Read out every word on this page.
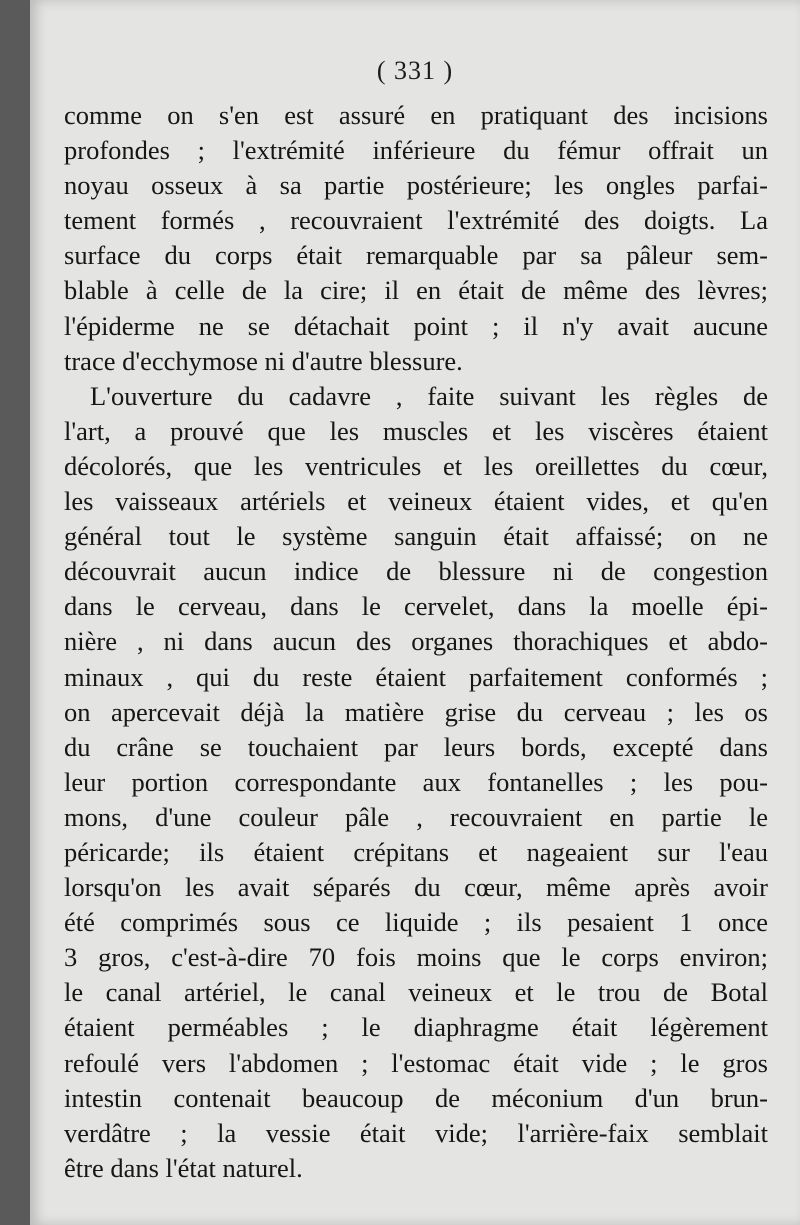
( 331 )
comme on s'en est assuré en pratiquant des incisions
profondes ; l'extrémité inférieure du fémur offrait un
noyau osseux à sa partie postérieure; les ongles parfai-
tement formés , recouvraient l'extrémité des doigts. La
surface du corps était remarquable par sa pâleur sem-
blable à celle de la cire; il en était de même des lèvres;
l'épiderme ne se détachait point ; il n'y avait aucune
trace d'ecchymose ni d'autre blessure.
L'ouverture du cadavre , faite suivant les règles de
l'art, a prouvé que les muscles et les viscères étaient
décolorés, que les ventricules et les oreillettes du cœur,
les vaisseaux artériels et veineux étaient vides, et qu'en
général tout le système sanguin était affaissé; on ne
découvrait aucun indice de blessure ni de congestion
dans le cerveau, dans le cervelet, dans la moelle épi-
nière , ni dans aucun des organes thorachiques et abdo-
minaux , qui du reste étaient parfaitement conformés ;
on apercevait déjà la matière grise du cerveau ; les os
du crâne se touchaient par leurs bords, excepté dans
leur portion correspondante aux fontanelles ; les pou-
mons, d'une couleur pâle , recouvraient en partie le
péricarde; ils étaient crépitans et nageaient sur l'eau
lorsqu'on les avait séparés du cœur, même après avoir
été comprimés sous ce liquide ; ils pesaient 1 once
3 gros, c'est-à-dire 70 fois moins que le corps environ;
le canal artériel, le canal veineux et le trou de Botal
étaient perméables ; le diaphragme était légèrement
refoulé vers l'abdomen ; l'estomac était vide ; le gros
intestin contenait beaucoup de méconium d'un brun-
verdâtre ; la vessie était vide; l'arrière-faix semblait
être dans l'état naturel.
